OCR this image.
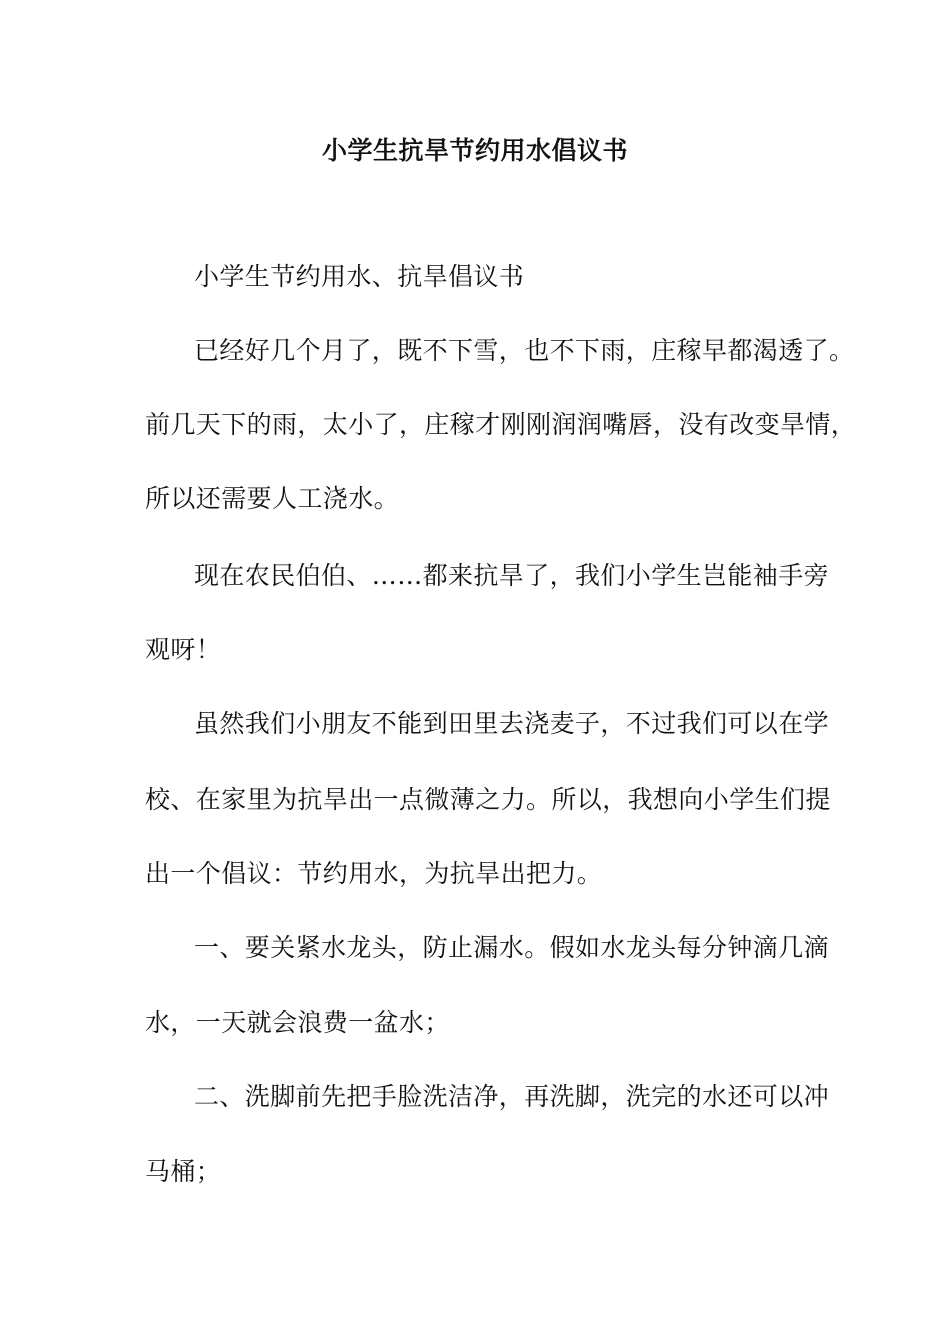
小学生抗旱节约用水倡议书
小学生节约用水、抗旱倡议书
已经好几个月了，既不下雪，也不下雨，庄稼早都渴透了。
前几天下的雨，太小了，庄稼才刚刚润润嘴唇，没有改变旱情，
所以还需要人工浇水。
现在农民伯伯、……都来抗旱了，我们小学生岂能袖手旁
观呀！
虽然我们小朋友不能到田里去浇麦子，不过我们可以在学
校、在家里为抗旱出一点微薄之力。所以，我想向小学生们提
出一个倡议：节约用水，为抗旱出把力。
一、要关紧水龙头，防止漏水。假如水龙头每分钟滴几滴
水，一天就会浪费一盆水；
二、洗脚前先把手脸洗洁净，再洗脚，洗完的水还可以冲
马桶；
